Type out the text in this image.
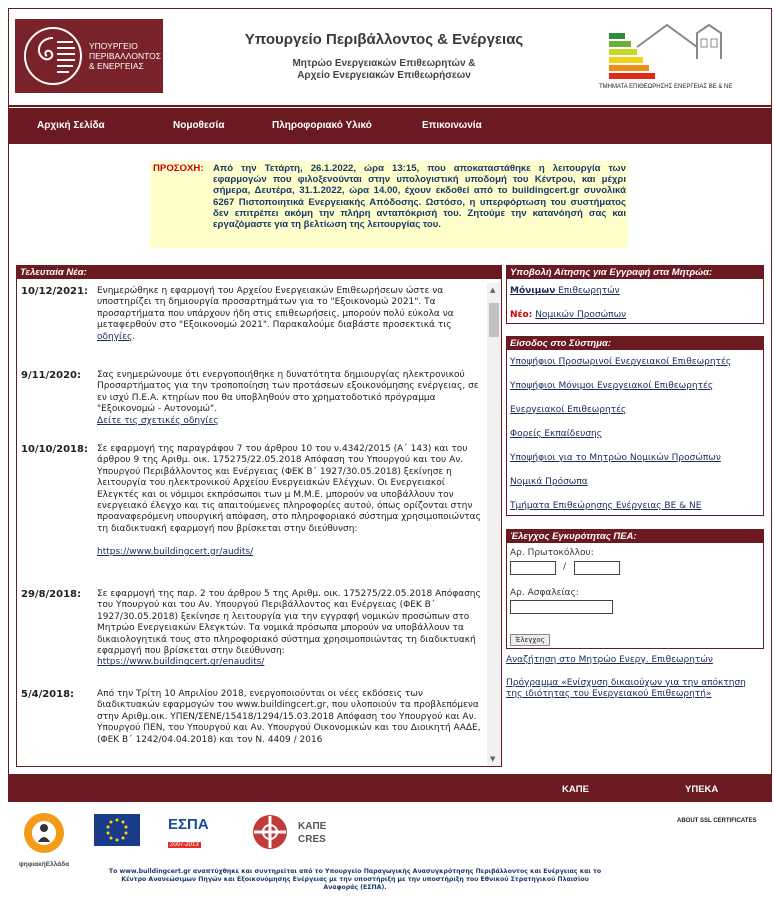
ΥΠΟΥΡΓΕΙΟ
ΠΕΡΙΒΑΛΛΟΝΤΟΣ
& ΕΝΕΡΓΕΙΑΣ
Υπουργείο Περιβάλλοντος & Ενέργειας
Μητρώο Ενεργειακών Επιθεωρητών &
Αρχείο Ενεργειακών Επιθεωρήσεων
ΤΜΗΜΑΤΑ ΕΠΙΘΕΩΡΗΣΗΣ ΕΝΕΡΓΕΙΑΣ ΒΕ & ΝΕ
Αρχική Σελίδα	Νομοθεσία	Πληροφοριακό Υλικό	Επικοινωνία
ΠΡΟΣΟΧΗ: Από την Τετάρτη, 26.1.2022, ώρα 13:15, που αποκαταστάθηκε η λειτουργία των εφαρμογών που φιλοξενούνται στην υπολογιστική υποδομή του Κέντρου, και μέχρι σήμερα, Δευτέρα, 31.1.2022, ώρα 14.00, έχουν εκδοθεί από το buildingcert.gr συνολικά 6267 Πιστοποιητικά Ενεργειακής Απόδοσης. Ωστόσο, η υπερφόρτωση του συστήματος δεν επιτρέπει ακόμη την πλήρη ανταπόκρισή του. Ζητούμε την κατανόησή σας και εργαζόμαστε για τη βελτίωση της λειτουργίας του.
Τελευταία Νέα:
10/12/2021:	Ενημερώθηκε η εφαρμογή του Αρχείου Ενεργειακών Επιθεωρήσεων ώστε να υποστηρίζει τη δημιουργία προσαρτημάτων για το "Εξοικονομώ 2021". Τα προσαρτήματα που υπάρχουν ήδη στις επιθεωρήσεις, μπορούν πολύ εύκολα να μεταφερθούν στο "Εξοικονομώ 2021". Παρακαλούμε διαβάστε προσεκτικά τις οδηγίες.
9/11/2020:	Σας ενημερώνουμε ότι ενεργοποιήθηκε η δυνατότητα δημιουργίας ηλεκτρονικού Προσαρτήματος για την τροποποίηση των προτάσεων εξοικονόμησης ενέργειας, σε εν ισχύ Π.Ε.Α. κτηρίων που θα υποβληθούν στο χρηματοδοτικό πρόγραμμα "Εξοικονομώ - Αυτονομώ".
Δείτε τις σχετικές οδηγίες
10/10/2018:	Σε εφαρμογή της παραγράφου 7 του άρθρου 10 του ν.4342/2015 (Α΄ 143) και του άρθρου 9 της Αριθμ. οικ. 175275/22.05.2018 Απόφαση του Υπουργού και του Αν. Υπουργού Περιβάλλοντος και Ενέργειας (ΦΕΚ Β΄ 1927/30.05.2018) ξεκίνησε η λειτουργία του ηλεκτρονικού Αρχείου Ενεργειακών Ελέγχων. Οι Ενεργειακοί Ελεγκτές και οι νόμιμοι εκπρόσωποι των μ Μ.Μ.Ε. μπορούν να υποβάλλουν τον ενεργειακό έλεγχο και τις απαιτούμενες πληροφορίες αυτού, όπως ορίζονται στην προαναφερόμενη υπουργική απόφαση, στο πληροφοριακό σύστημα χρησιμοποιώντας τη διαδικτυακή εφαρμογή που βρίσκεται στην διεύθυνση:

https://www.buildingcert.gr/audits/
29/8/2018:	Σε εφαρμογή της παρ. 2 του άρθρου 5 της Αριθμ. οικ. 175275/22.05.2018 Απόφασης του Υπουργού και του Αν. Υπουργού Περιβάλλοντος και Ενέργειας (ΦΕΚ Β΄ 1927/30.05.2018) ξεκίνησε η λειτουργία για την εγγραφή νομικών προσώπων στο Μητρώο Ενεργειακών Ελεγκτών. Τα νομικά πρόσωπα μπορούν να υποβάλλουν τα δικαιολογητικά τους στο πληροφοριακό σύστημα χρησιμοποιώντας τη διαδικτυακή εφαρμογή που βρίσκεται στην διεύθυνση:
https://www.buildingcert.gr/enaudits/
5/4/2018:	Από την Τρίτη 10 Απριλίου 2018, ενεργοποιούνται οι νέες εκδόσεις των διαδικτυακών εφαρμογών του www.buildingcert.gr, που υλοποιούν τα προβλεπόμενα στην Αριθμ.οικ. ΥΠΕΝ/ΣΕΝΕ/15418/1294/15.03.2018 Απόφαση του Υπουργού και Αν. Υπουργού ΠΕΝ, του Υπουργού και Αν. Υπουργού Οικονομικών και του Διοικητή ΑΑΔΕ, (ΦΕΚ Β΄ 1242/04.04.2018) και τον Ν. 4409 / 2016
▲
▼
Υποβολή Αίτησης για Εγγραφή στα Μητρώα:
Μόνιμων Επιθεωρητών
Νέο: Νομικών Προσώπων
Είσοδος στο Σύστημα:
Υποψήφιοι Προσωρινοί Ενεργειακοί Επιθεωρητές
Υποψήφιοι Μόνιμοι Ενεργειακοί Επιθεωρητές
Ενεργειακοί Επιθεωρητές
Φορείς Εκπαίδευσης
Υποψήφιοι για το Μητρώο Νομικών Προσώπων
Νομικά Πρόσωπα
Τμήματα Επιθεώρησης Ενέργειας ΒΕ & ΝΕ
Έλεγχος Εγκυρότητας ΠΕΑ:
Αρ. Πρωτοκόλλου:
/
Αρ. Ασφαλείας:
Έλεγχος
Αναζήτηση στο Μητρώο Ενεργ. Επιθεωρητών
Πρόγραμμα «Ενίσχυση δικαιούχων για την απόκτηση της ιδιότητας του Ενεργειακού Επιθεωρητή»
ΚΑΠΕ	ΥΠΕΚΑ
ABOUT SSL CERTIFICATES
ψηφιακήΕλλάδα
ΕΣΠΑ
2007-2013
ΚΑΠΕ
CRES
Το www.buildingcert.gr αναπτύχθηκε και συντηρείται από το Υπουργείο Παραγωγικής Ανασυγκρότησης Περιβάλλοντος και Ενέργειας και το Κέντρο Ανανεώσιμων Πηγών και Εξοικονόμησης Ενέργειας με την υποστήριξη με την υποστήριξη του Εθνικού Στρατηγικού Πλαισίου Αναφοράς (ΕΣΠΑ).
